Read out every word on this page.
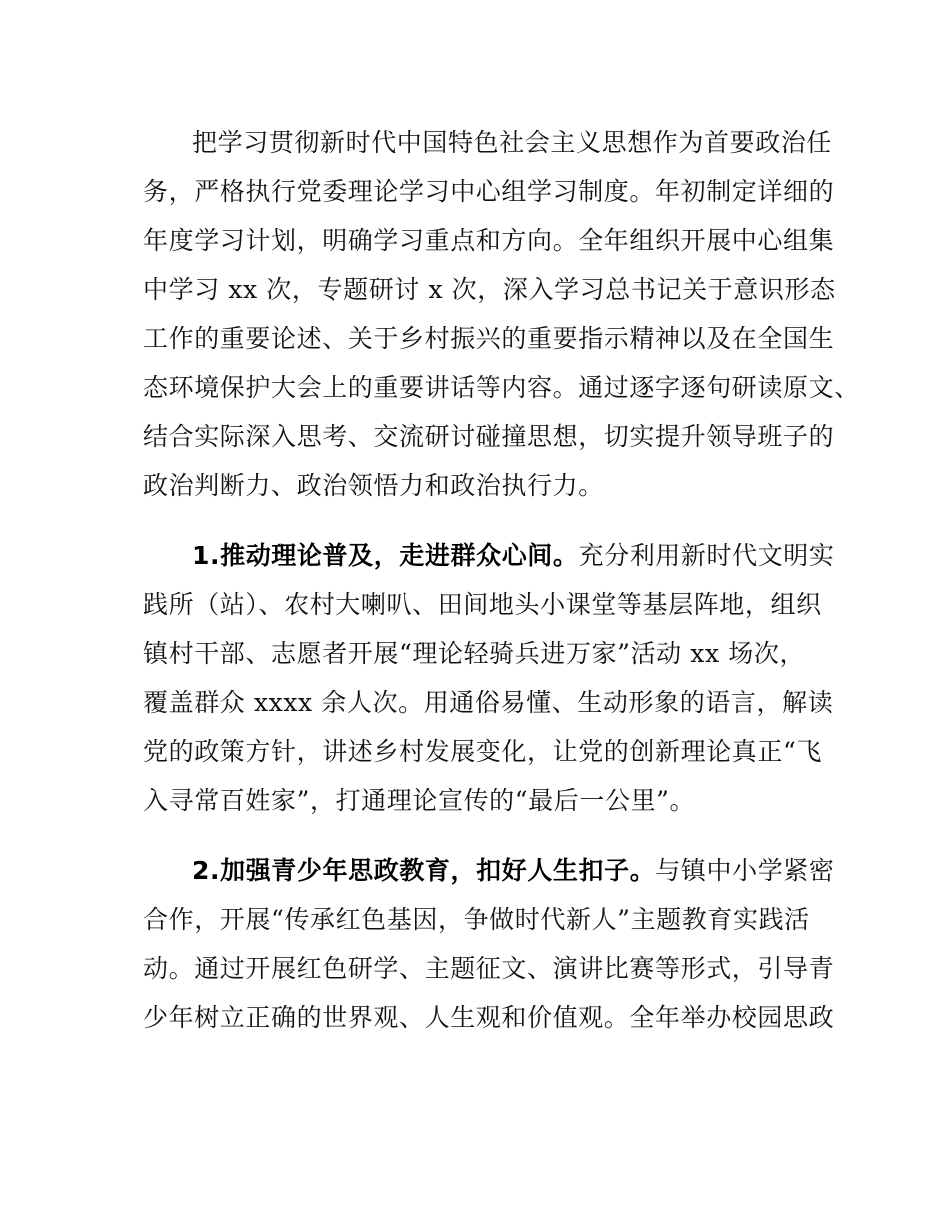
把学习贯彻新时代中国特色社会主义思想作为首要政治任
务，严格执行党委理论学习中心组学习制度。年初制定详细的
年度学习计划，明确学习重点和方向。全年组织开展中心组集
中学习 xx 次，专题研讨 x 次，深入学习总书记关于意识形态
工作的重要论述、关于乡村振兴的重要指示精神以及在全国生
态环境保护大会上的重要讲话等内容。通过逐字逐句研读原文、
结合实际深入思考、交流研讨碰撞思想，切实提升领导班子的
政治判断力、政治领悟力和政治执行力。
1.推动理论普及，走进群众心间。充分利用新时代文明实
践所（站）、农村大喇叭、田间地头小课堂等基层阵地，组织
镇村干部、志愿者开展“理论轻骑兵进万家”活动 xx 场次，
覆盖群众 xxxx 余人次。用通俗易懂、生动形象的语言，解读
党的政策方针，讲述乡村发展变化，让党的创新理论真正“飞
入寻常百姓家”，打通理论宣传的“最后一公里”。
2.加强青少年思政教育，扣好人生扣子。与镇中小学紧密
合作，开展“传承红色基因，争做时代新人”主题教育实践活
动。通过开展红色研学、主题征文、演讲比赛等形式，引导青
少年树立正确的世界观、人生观和价值观。全年举办校园思政
